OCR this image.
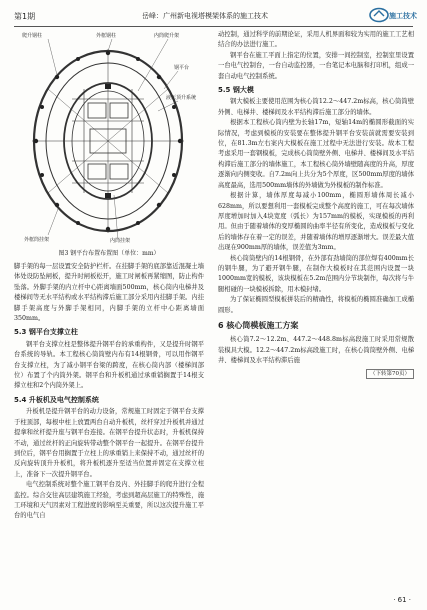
第1期	岳峰：广州新电视塔模架体系的施工技术	施工技术
爬升钢柱	外框钢柱	内筒爬升架
钢平台
液压顶升系统
外框筒挂架	内筒挂架
图3 钢平台布置布置图（单位：mm）

脚手架的每一层设置安全防护栏杆。在挂脚手架的底部靠近混凝土墙体处设防坠闸板，提升时闸板松开，施工时闸板再紧缩图，防止构件坠落。外脚手架的内立杆中心距离墙面500mm，核心筒内电梯井及楼梯间等无水平结构或水平结构滞后施工部分采用内挂脚手架。内挂脚手架高度与外脚手架相同，内脚手架的立杆中心距离墙面350mm。

5.3 钢平台支撑立柱

钢平台支撑立柱是整体提升钢平台的承重构件，又是提升时钢平台系统的导轨。本工程核心筒筒壁内布有14根钢骨，可以用作钢平台支撑立柱，为了减小钢平台梁的跨度，在核心筒内部（楼梯间部位）布置了个内筒外架。钢平台和升板机通过承重销搁置于14根支撑立柱和2个内筒外架上。

5.4 升板机及电气控制系统

升板机是提升钢平台的动力设备，常规施工时固定于钢平台支撑于柱顶部，每根中柱上放置两台自动升板机，丝杆穿过升板机并通过提拿和丝杆提升座与钢平台连接。在钢平台提升状态时，升板机保持不动，通过丝杆的正向旋转带动整个钢平台一起提升。在钢平台提升到位后，钢平台用搁置于立柱上的承重销上来保持不动，通过丝杆的反向旋转顶升升板机，将升板机逐升至适当位置并固定在支撑立柱上，准备下一次提升钢平台。

电气控制系统对整个施工钢平台及内、外挂脚手的爬升进行全程监控。综合交往高层建筑施工经验，考虑到超高层施工的特殊性，施工环境和天气因素对工程进度的影响至关重要，所以这次提升施工平台的电气自

动控制，通过科学的前期论证，采用人机界面和较为实用的施工工艺相结合的办法进行施工。

钢平台在施工平面上指定的位置，安排一间控制室，控制室里设置一台电气控制台，一台自动监控器，一台笔记本电脑和打印机，组成一套自动电气控制系统。

5.5 钢大模

钢大模板主要使用范围为核心筒12.2～447.2m标高，核心筒筒壁外侧、电梯井、楼梯间及水平结构滞后施工部分的墙体。

根据本工程核心筒内壁为长轴17m，短轴14m的椭圆形截面的实际情况，考虑到模板的安装要在整体提升钢平台安装前就需要安装到位，在81.3m左右案内大模板在施工过程中无法进行安装。故本工程考虑采用一套钢模板，完成核心筒筒壁外侧、电梯井、楼梯间及水平结构滞后施工部分的墙体施工，本工程核心筒外墙壁随高度的升高，厚度逐渐向内侧变收。自7.2m向上共分为5个厚度，区500mm厚度的墙体高度最高，选用500mm墙体的外墙做为外模板的制作标准。

根据计算，墙体厚度每减小100mm，椭圆形墙体周长减小628mm，所以要想利用一套模板完成整个高度的施工，可在每次墙体厚度增加时加入4块宽度（弧长）为157mm的模板，实现模板的再利用。但由于随着墙体的变厚椭圆的曲率半径有所变化，造成模板与变化后的墙体存在着一定的误差，并随着墙体的增厚逐渐增大。误差最大值出现在900mm厚的墙体，误差值为3mm。

核心筒筒壁内的14根钢骨，在外部有劲墙筒的部位焊有400mm长的钢牛腿，为了避开钢牛腿，在制作大模板时在其范围内设置一块1000mm宽的模板，该块模板在5.2m范围内分节块制作，每次将与牛腿相碰的一块模板拆除，用木模封堵。

为了保证椭圆型模板拼装后的精确性，将模板的椭圆准确加工成椭圆形。

6 核心筒模板施工方案

核心筒7.2～12.2m、447.2～448.8m标高段施工时采用常规散装模具大模。12.2～447.2m标高段施工时，在核心筒筒壁外侧、电梯井、楼梯间及水平结构滞后施

（下转第70页）
· 61 ·
